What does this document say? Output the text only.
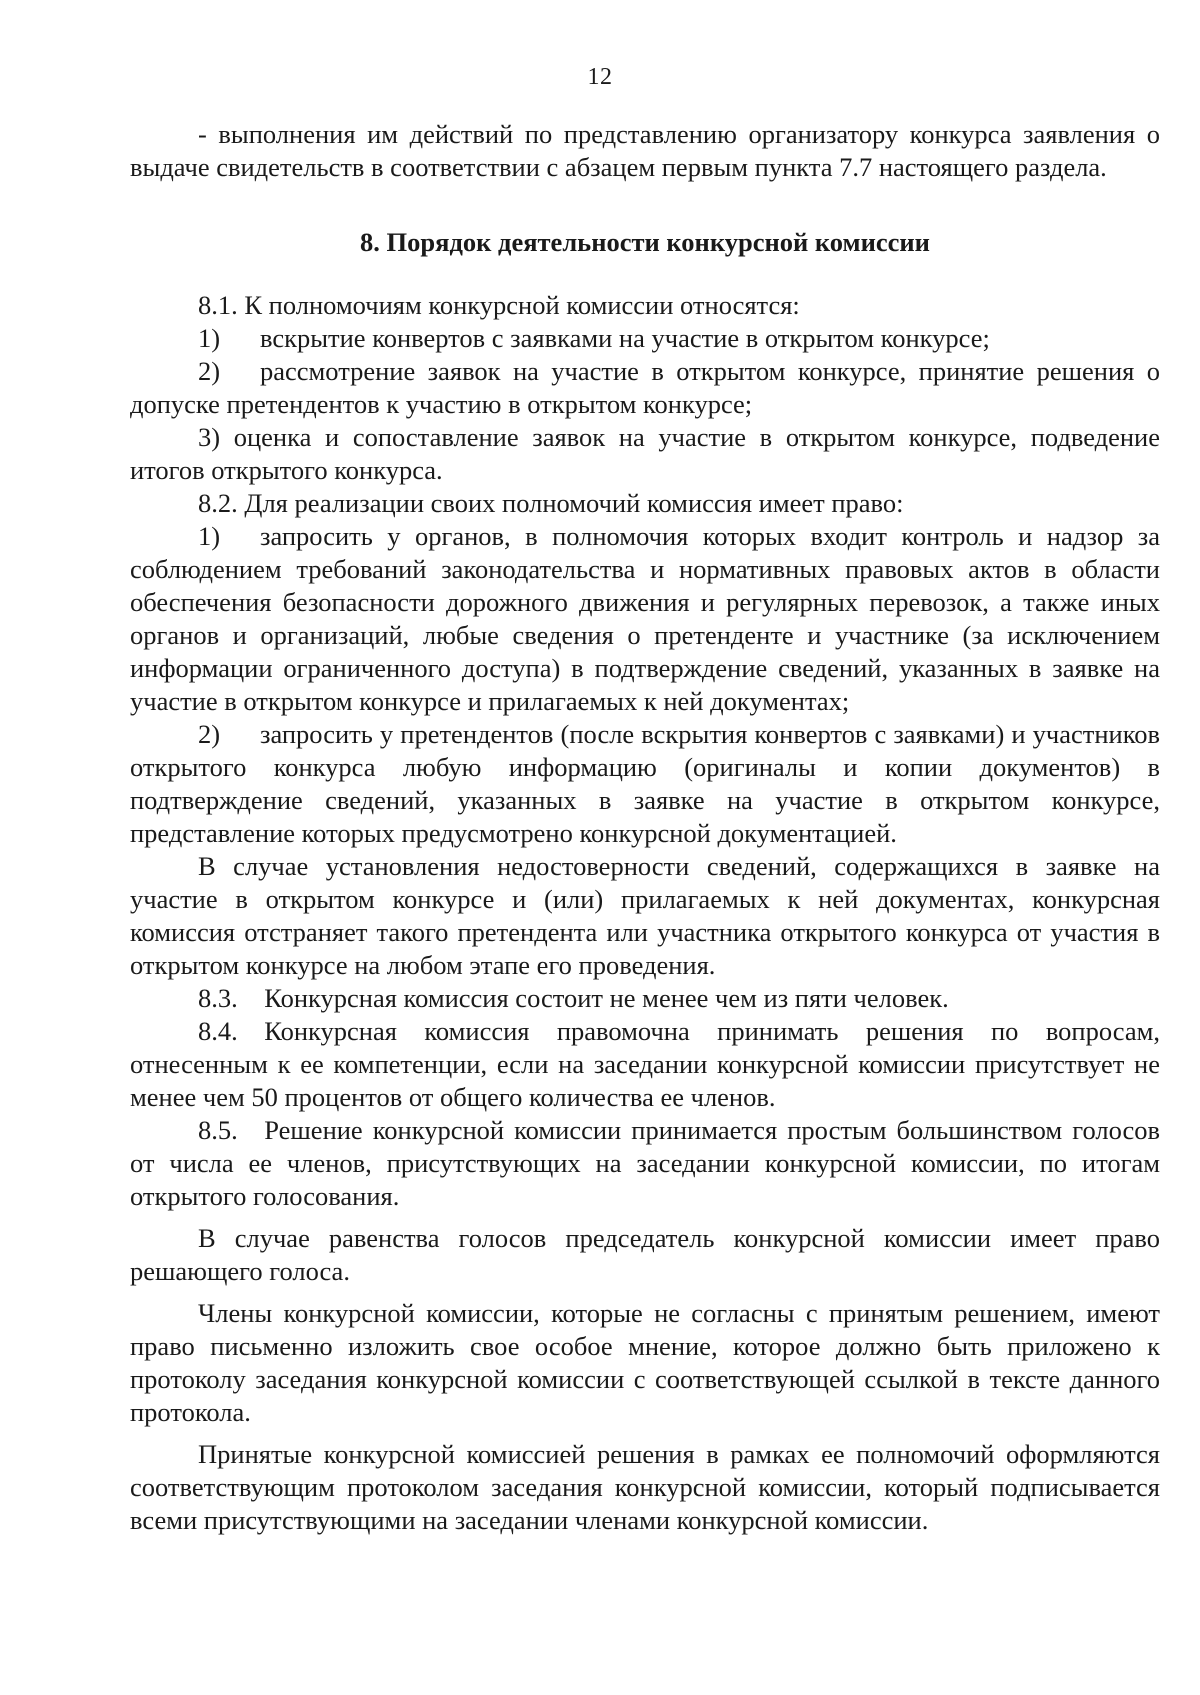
12

- выполнения им действий по представлению организатору конкурса заявления о выдаче свидетельств в соответствии с абзацем первым пункта 7.7 настоящего раздела.

8. Порядок деятельности конкурсной комиссии

8.1. К полномочиям конкурсной комиссии относятся:

1) вскрытие конвертов с заявками на участие в открытом конкурсе;

2) рассмотрение заявок на участие в открытом конкурсе, принятие решения о допуске претендентов к участию в открытом конкурсе;

3) оценка и сопоставление заявок на участие в открытом конкурсе, подведение итогов открытого конкурса.

8.2. Для реализации своих полномочий комиссия имеет право:

1) запросить у органов, в полномочия которых входит контроль и надзор за соблюдением требований законодательства и нормативных правовых актов в области обеспечения безопасности дорожного движения и регулярных перевозок, а также иных органов и организаций, любые сведения о претенденте и участнике (за исключением информации ограниченного доступа) в подтверждение сведений, указанных в заявке на участие в открытом конкурсе и прилагаемых к ней документах;

2) запросить у претендентов (после вскрытия конвертов с заявками) и участников открытого конкурса любую информацию (оригиналы и копии документов) в подтверждение сведений, указанных в заявке на участие в открытом конкурсе, представление которых предусмотрено конкурсной документацией.

В случае установления недостоверности сведений, содержащихся в заявке на участие в открытом конкурсе и (или) прилагаемых к ней документах, конкурсная комиссия отстраняет такого претендента или участника открытого конкурса от участия в открытом конкурсе на любом этапе его проведения.

8.3. Конкурсная комиссия состоит не менее чем из пяти человек.

8.4. Конкурсная комиссия правомочна принимать решения по вопросам, отнесенным к ее компетенции, если на заседании конкурсной комиссии присутствует не менее чем 50 процентов от общего количества ее членов.

8.5. Решение конкурсной комиссии принимается простым большинством голосов от числа ее членов, присутствующих на заседании конкурсной комиссии, по итогам открытого голосования.

В случае равенства голосов председатель конкурсной комиссии имеет право решающего голоса.

Члены конкурсной комиссии, которые не согласны с принятым решением, имеют право письменно изложить свое особое мнение, которое должно быть приложено к протоколу заседания конкурсной комиссии с соответствующей ссылкой в тексте данного протокола.

Принятые конкурсной комиссией решения в рамках ее полномочий оформляются соответствующим протоколом заседания конкурсной комиссии, который подписывается всеми присутствующими на заседании членами конкурсной комиссии.
